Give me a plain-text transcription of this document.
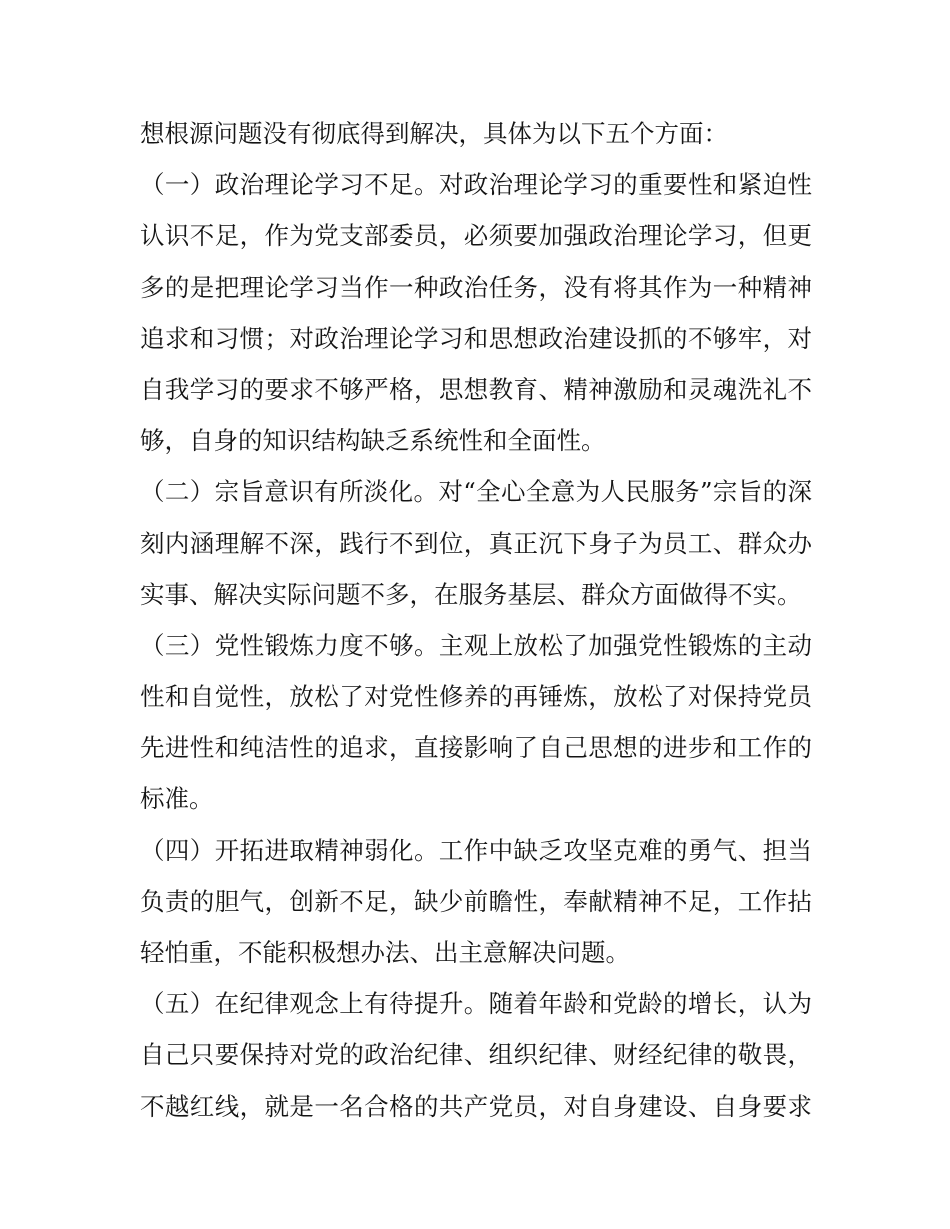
想根源问题没有彻底得到解决，具体为以下五个方面：
（一）政治理论学习不足。对政治理论学习的重要性和紧迫性
认识不足，作为党支部委员，必须要加强政治理论学习，但更
多的是把理论学习当作一种政治任务，没有将其作为一种精神
追求和习惯；对政治理论学习和思想政治建设抓的不够牢，对
自我学习的要求不够严格，思想教育、精神激励和灵魂洗礼不
够，自身的知识结构缺乏系统性和全面性。
（二）宗旨意识有所淡化。对“全心全意为人民服务”宗旨的深
刻内涵理解不深，践行不到位，真正沉下身子为员工、群众办
实事、解决实际问题不多，在服务基层、群众方面做得不实。
（三）党性锻炼力度不够。主观上放松了加强党性锻炼的主动
性和自觉性，放松了对党性修养的再锤炼，放松了对保持党员
先进性和纯洁性的追求，直接影响了自己思想的进步和工作的
标准。
（四）开拓进取精神弱化。工作中缺乏攻坚克难的勇气、担当
负责的胆气，创新不足，缺少前瞻性，奉献精神不足，工作拈
轻怕重，不能积极想办法、出主意解决问题。
（五）在纪律观念上有待提升。随着年龄和党龄的增长，认为
自己只要保持对党的政治纪律、组织纪律、财经纪律的敬畏，
不越红线，就是一名合格的共产党员，对自身建设、自身要求
